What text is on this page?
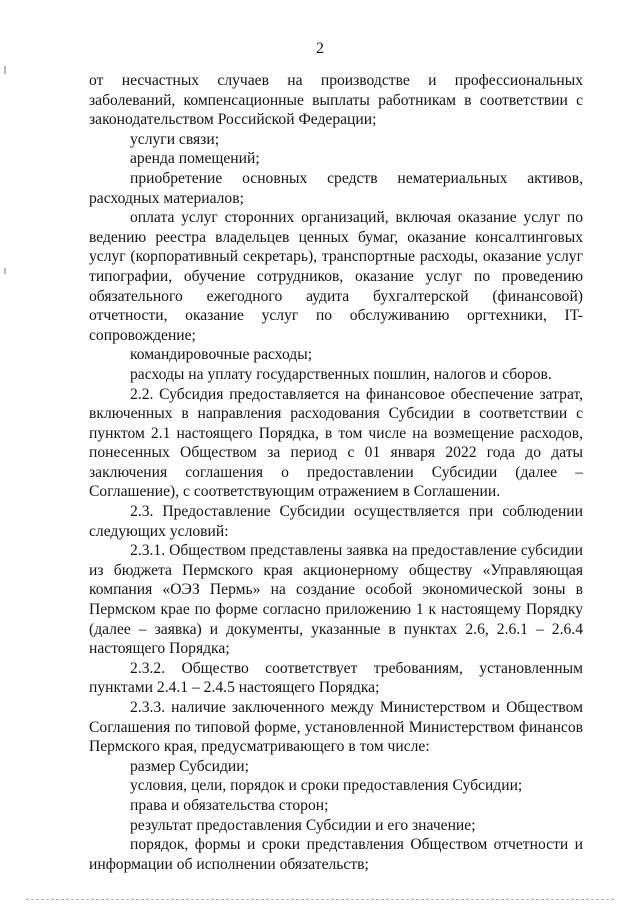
2

от несчастных случаев на производстве и профессиональных заболеваний, компенсационные выплаты работникам в соответствии с законодательством Российской Федерации;

услуги связи;

аренда помещений;

приобретение основных средств нематериальных активов, расходных материалов;

оплата услуг сторонних организаций, включая оказание услуг по ведению реестра владельцев ценных бумаг, оказание консалтинговых услуг (корпоративный секретарь), транспортные расходы, оказание услуг типографии, обучение сотрудников, оказание услуг по проведению обязательного ежегодного аудита бухгалтерской (финансовой) отчетности, оказание услуг по обслуживанию оргтехники, IT-сопровождение;

командировочные расходы;

расходы на уплату государственных пошлин, налогов и сборов.

2.2. Субсидия предоставляется на финансовое обеспечение затрат, включенных в направления расходования Субсидии в соответствии с пунктом 2.1 настоящего Порядка, в том числе на возмещение расходов, понесенных Обществом за период с 01 января 2022 года до даты заключения соглашения о предоставлении Субсидии (далее – Соглашение), с соответствующим отражением в Соглашении.

2.3. Предоставление Субсидии осуществляется при соблюдении следующих условий:

2.3.1. Обществом представлены заявка на предоставление субсидии из бюджета Пермского края акционерному обществу «Управляющая компания «ОЭЗ Пермь» на создание особой экономической зоны в Пермском крае по форме согласно приложению 1 к настоящему Порядку (далее – заявка) и документы, указанные в пунктах 2.6, 2.6.1 – 2.6.4 настоящего Порядка;

2.3.2. Общество соответствует требованиям, установленным пунктами 2.4.1 – 2.4.5 настоящего Порядка;

2.3.3. наличие заключенного между Министерством и Обществом Соглашения по типовой форме, установленной Министерством финансов Пермского края, предусматривающего в том числе:

размер Субсидии;

условия, цели, порядок и сроки предоставления Субсидии;

права и обязательства сторон;

результат предоставления Субсидии и его значение;

порядок, формы и сроки представления Обществом отчетности и информации об исполнении обязательств;
